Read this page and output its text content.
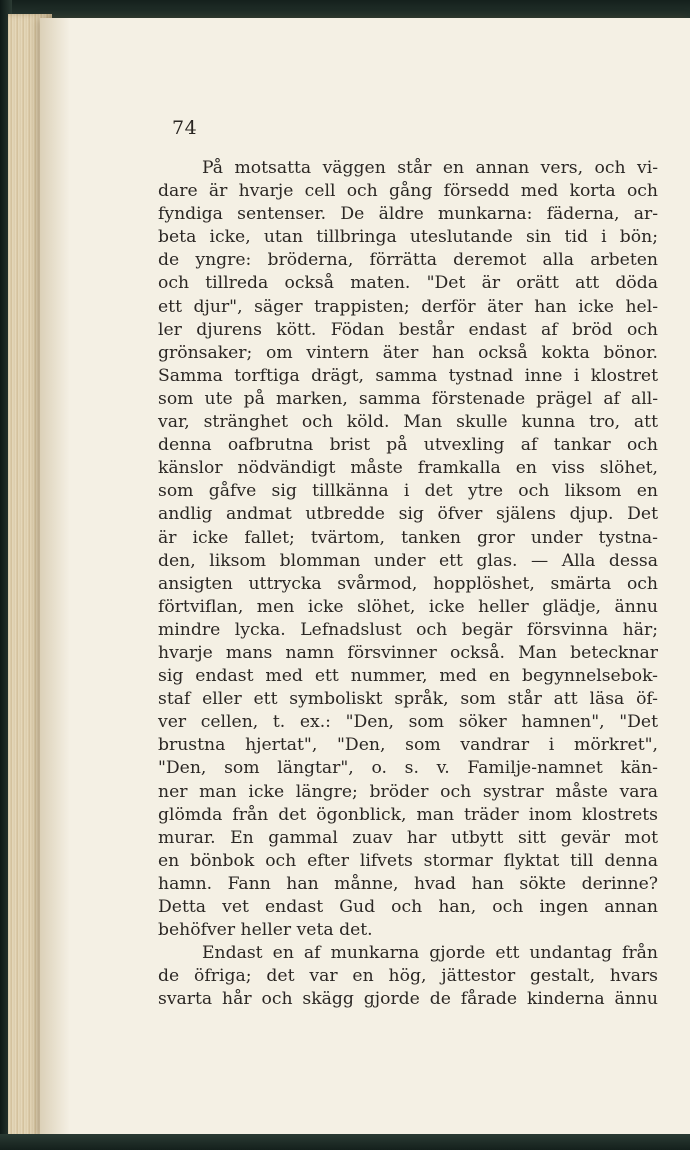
74
På motsatta väggen står en annan vers, och vi-
dare är hvarje cell och gång försedd med korta och
fyndiga sentenser. De äldre munkarna: fäderna, ar-
beta icke, utan tillbringa uteslutande sin tid i bön;
de yngre: bröderna, förrätta deremot alla arbeten
och tillreda också maten. "Det är orätt att döda
ett djur", säger trappisten; derför äter han icke hel-
ler djurens kött. Födan består endast af bröd och
grönsaker; om vintern äter han också kokta bönor.
Samma torftiga drägt, samma tystnad inne i klostret
som ute på marken, samma förstenade prägel af all-
var, stränghet och köld. Man skulle kunna tro, att
denna oafbrutna brist på utvexling af tankar och
känslor nödvändigt måste framkalla en viss slöhet,
som gåfve sig tillkänna i det ytre och liksom en
andlig andmat utbredde sig öfver själens djup. Det
är icke fallet; tvärtom, tanken gror under tystna-
den, liksom blomman under ett glas. — Alla dessa
ansigten uttrycka svårmod, hopplöshet, smärta och
förtviflan, men icke slöhet, icke heller glädje, ännu
mindre lycka. Lefnadslust och begär försvinna här;
hvarje mans namn försvinner också. Man betecknar
sig endast med ett nummer, med en begynnelsebok-
staf eller ett symboliskt språk, som står att läsa öf-
ver cellen, t. ex.: "Den, som söker hamnen", "Det
brustna hjertat", "Den, som vandrar i mörkret",
"Den, som längtar", o. s. v. Familje-namnet kän-
ner man icke längre; bröder och systrar måste vara
glömda från det ögonblick, man träder inom klostrets
murar. En gammal zuav har utbytt sitt gevär mot
en bönbok och efter lifvets stormar flyktat till denna
hamn. Fann han månne, hvad han sökte derinne?
Detta vet endast Gud och han, och ingen annan
behöfver heller veta det.
Endast en af munkarna gjorde ett undantag från
de öfriga; det var en hög, jättestor gestalt, hvars
svarta hår och skägg gjorde de fårade kinderna ännu
